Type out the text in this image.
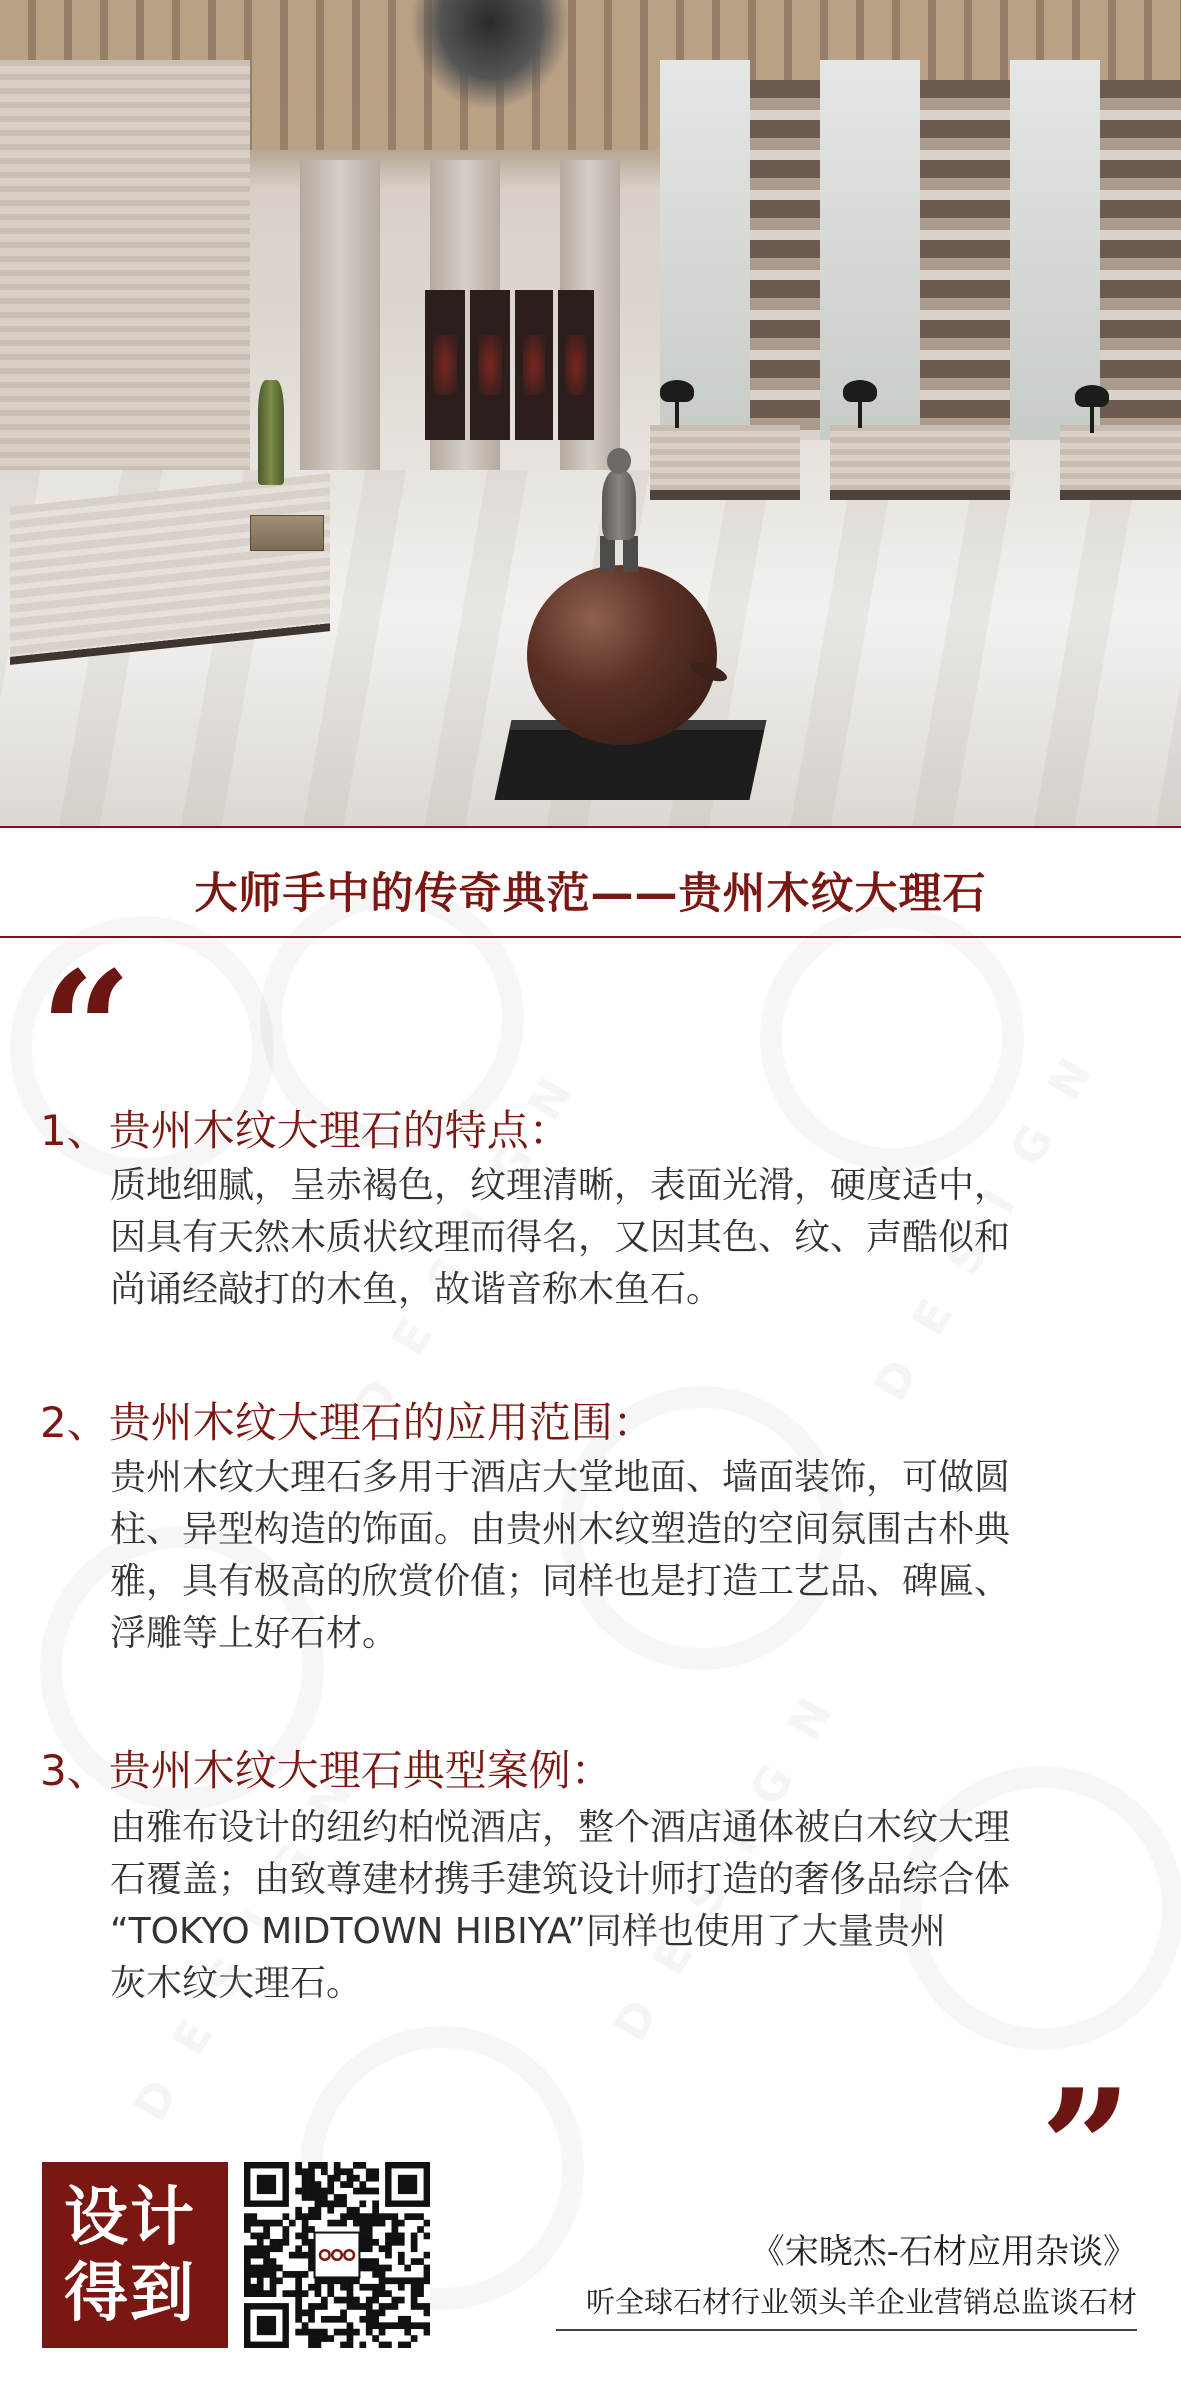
大师手中的传奇典范——贵州木纹大理石
“
1、贵州木纹大理石的特点：
质地细腻，呈赤褐色，纹理清晰，表面光滑，硬度适中，
因具有天然木质状纹理而得名，又因其色、纹、声酷似和
尚诵经敲打的木鱼，故谐音称木鱼石。
2、贵州木纹大理石的应用范围：
贵州木纹大理石多用于酒店大堂地面、墙面装饰，可做圆
柱、异型构造的饰面。由贵州木纹塑造的空间氛围古朴典
雅，具有极高的欣赏价值；同样也是打造工艺品、碑匾、
浮雕等上好石材。
3、贵州木纹大理石典型案例：
由雅布设计的纽约柏悦酒店，整个酒店通体被白木纹大理
石覆盖；由致尊建材携手建筑设计师打造的奢侈品综合体
“TOKYO MIDTOWN HIBIYA”同样也使用了大量贵州
灰木纹大理石。
”
设计
得到
《宋晓杰-石材应用杂谈》
听全球石材行业领头羊企业营销总监谈石材
